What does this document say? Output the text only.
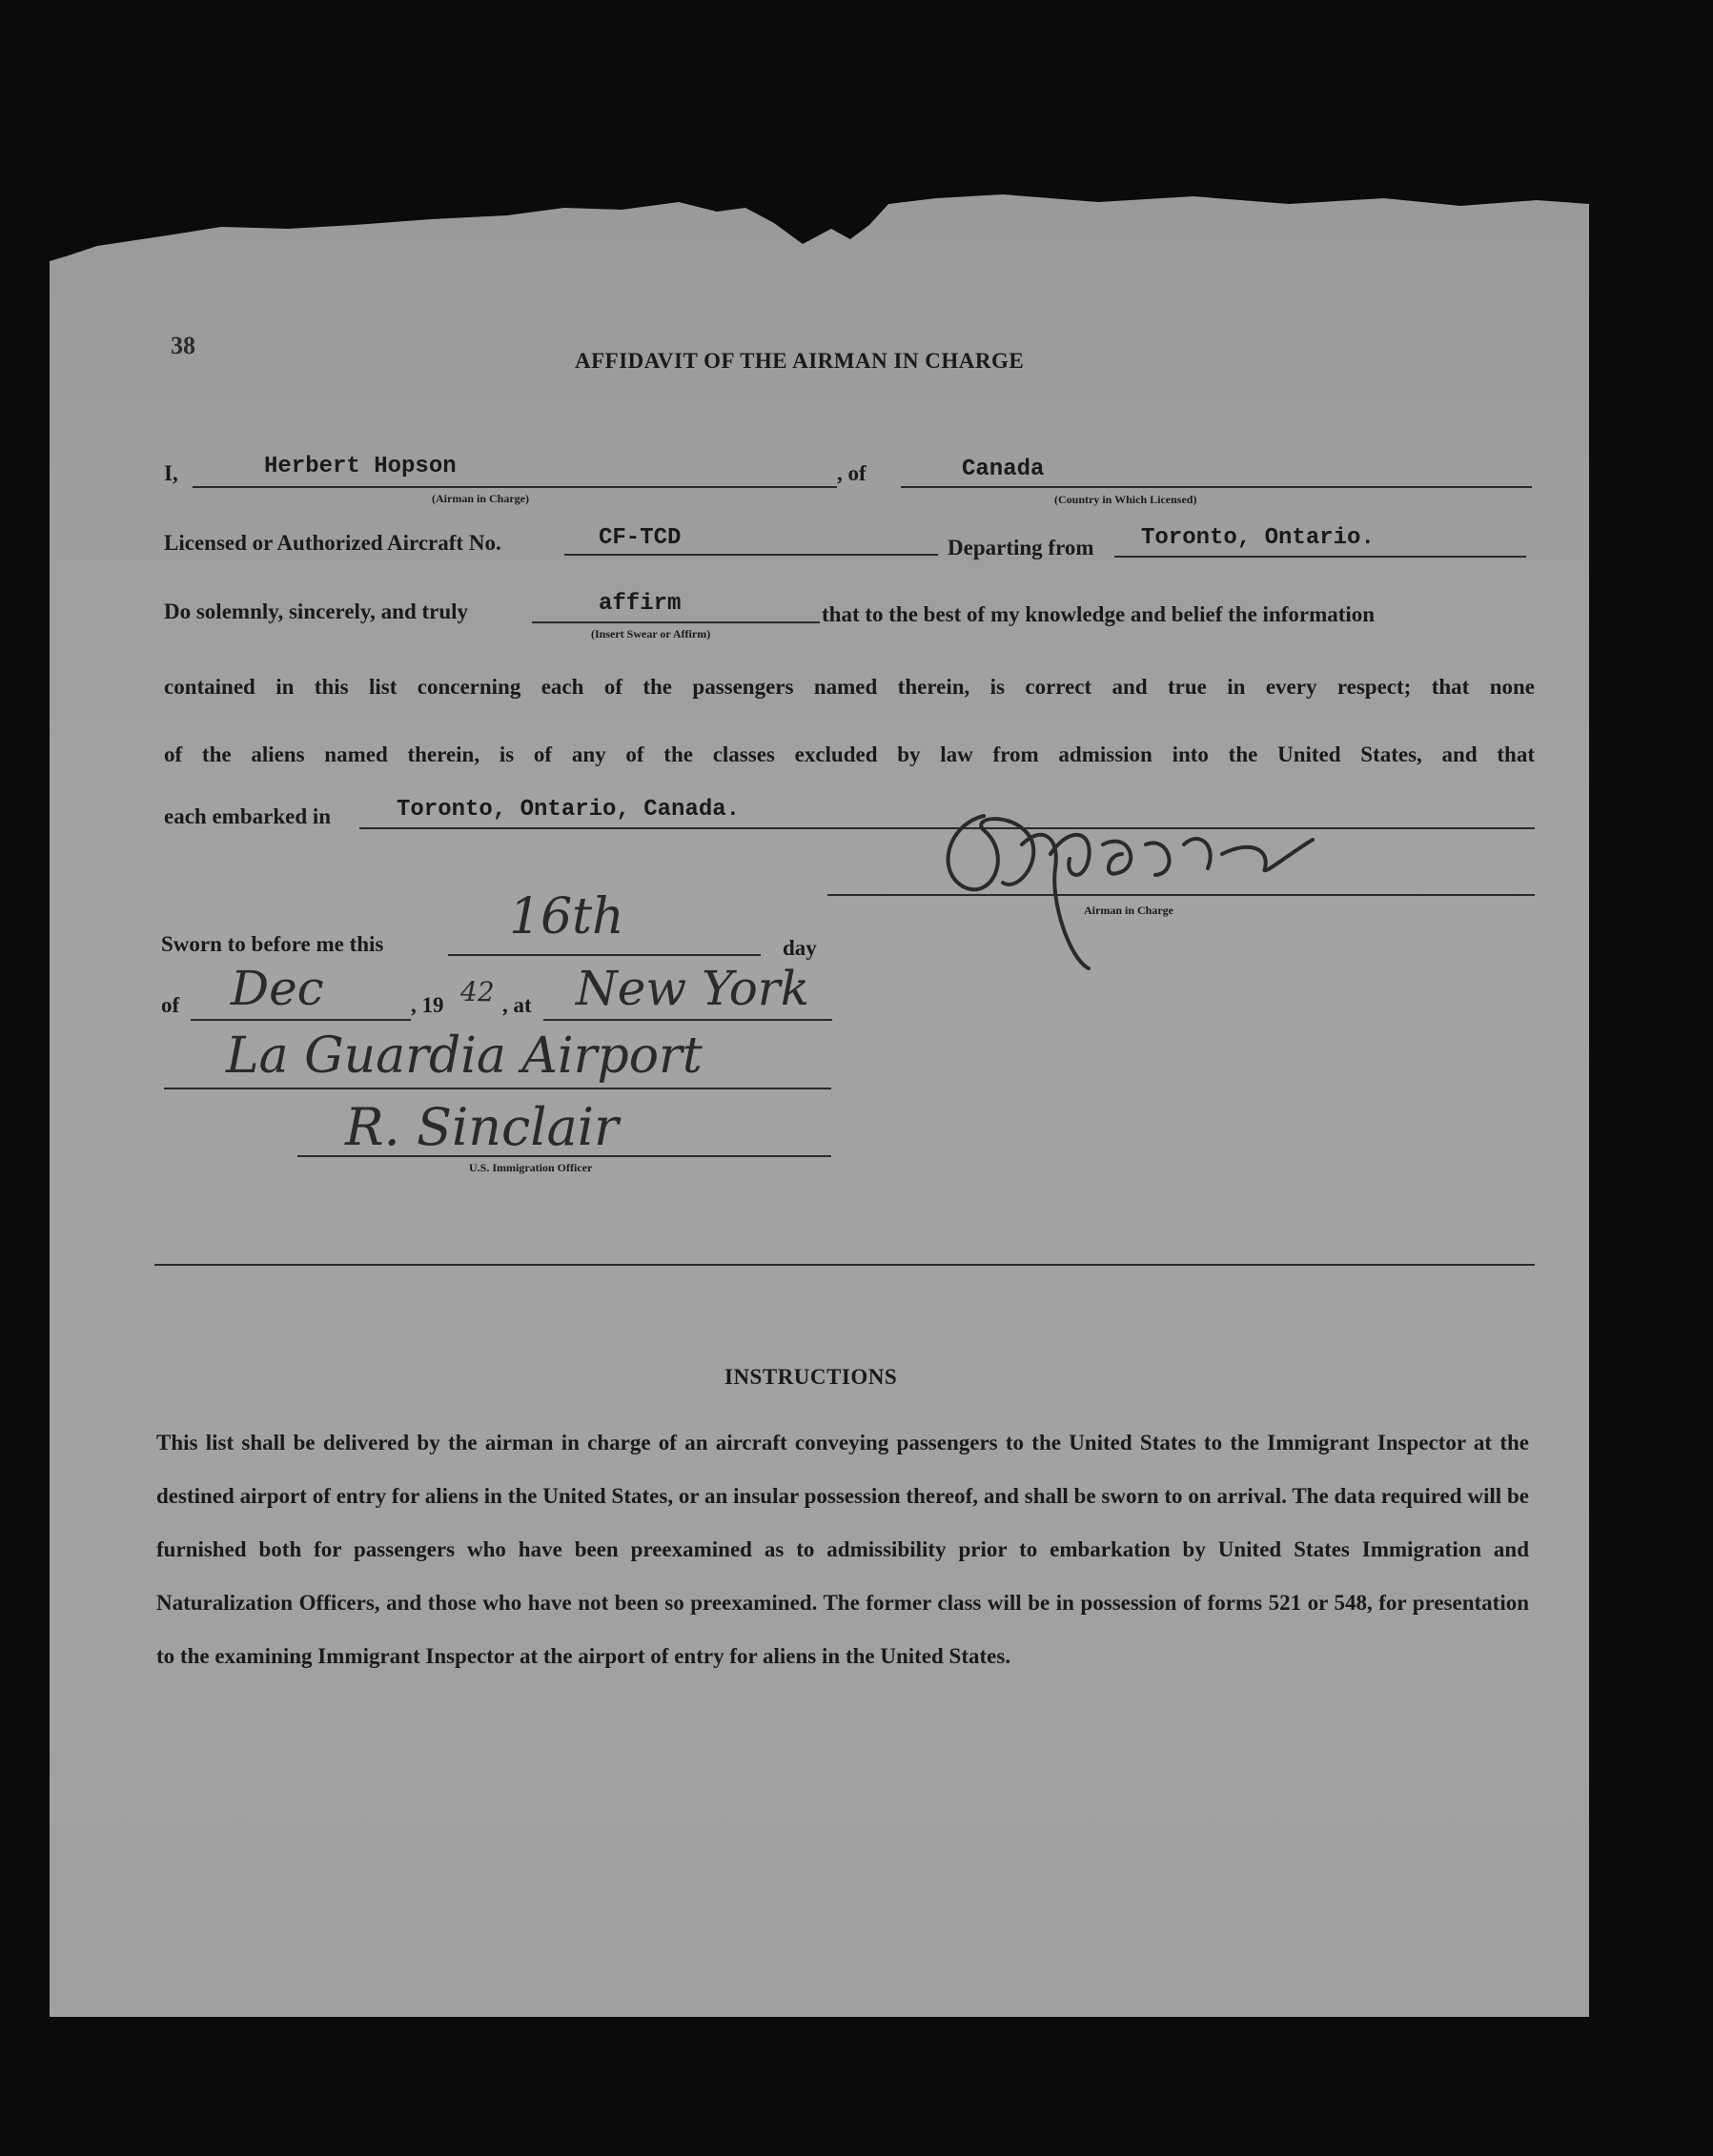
38
AFFIDAVIT OF THE AIRMAN IN CHARGE
I,	Herbert Hopson
(Airman in Charge)
, of	Canada
(Country in Which Licensed)
Licensed or Authorized Aircraft No.	CF-TCD	Departing from Toronto, Ontario.
Do solemnly, sincerely, and truly	affirm
(Insert Swear or Affirm)
that to the best of my knowledge and belief the information
contained in this list concerning each of the passengers named therein, is correct and true in every respect; that none
of the aliens named therein, is of any of the classes excluded by law from admission into the United States, and that
each embarked in	Toronto, Ontario, Canada.
Airman in Charge
Sworn to before me this	16th
day
of Dec	, 19 42 , at New York
La Guardia Airport
R. Sinclair
U.S. Immigration Officer
INSTRUCTIONS
This list shall be delivered by the airman in charge of an aircraft conveying passengers to the United States to the Immigrant Inspector at the destined airport of entry for aliens in the United States, or an insular possession thereof, and shall be sworn to on arrival. The data required will be furnished both for passengers who have been preexamined as to admissibility prior to embarkation by United States Immigration and Naturalization Officers, and those who have not been so preexamined. The former class will be in possession of forms 521 or 548, for presentation to the examining Immigrant Inspector at the airport of entry for aliens in the United States.
